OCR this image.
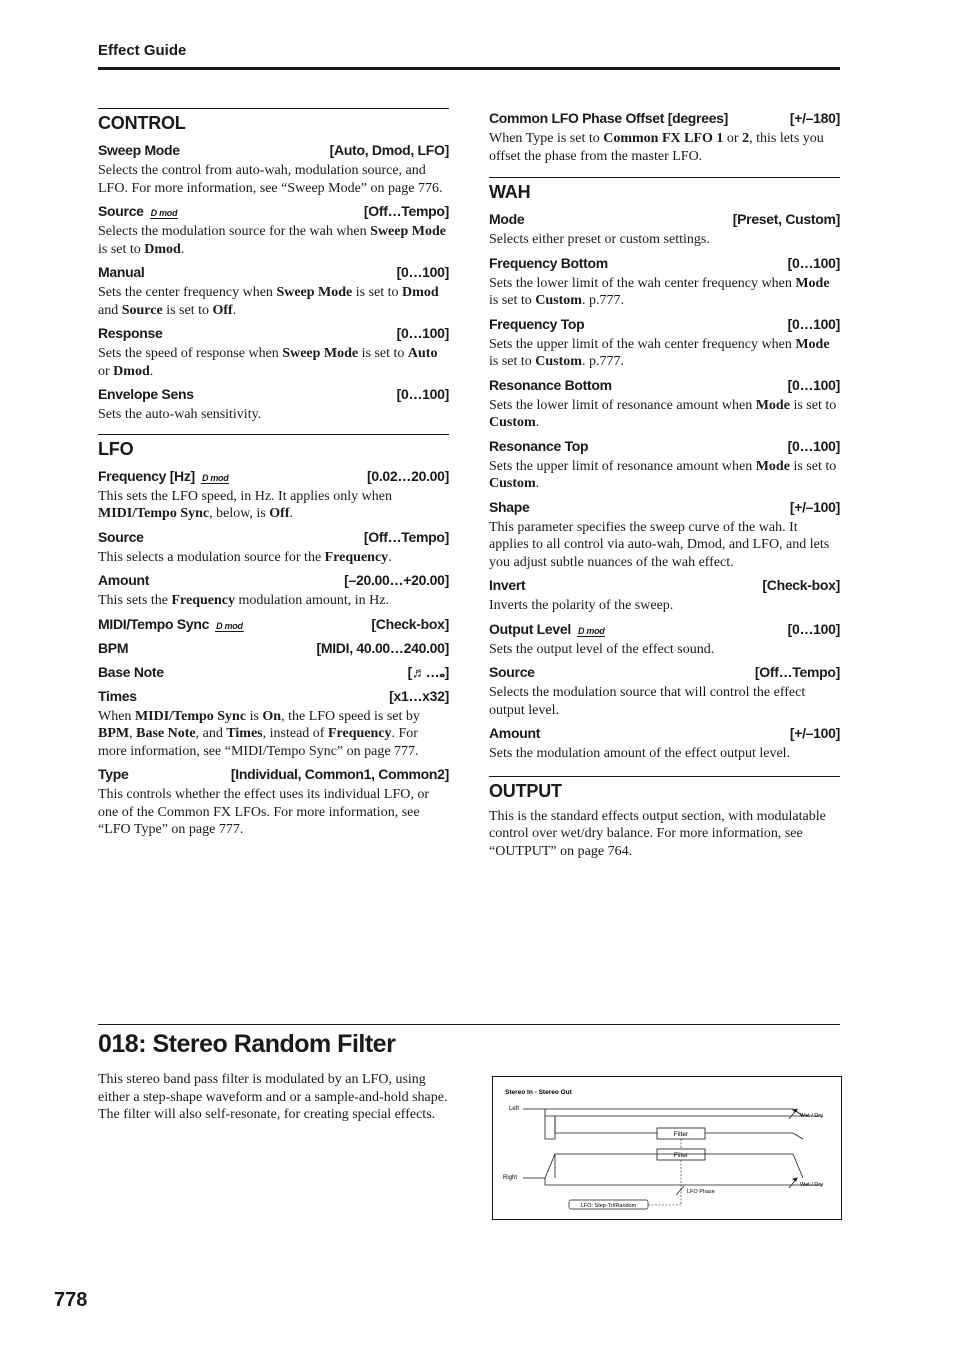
Effect Guide
CONTROL
Sweep Mode	[Auto, Dmod, LFO]

Selects the control from auto-wah, modulation source, and LFO. For more information, see “Sweep Mode” on page 776.

Source D mod	[Off…Tempo]

Selects the modulation source for the wah when Sweep Mode is set to Dmod.

Manual	[0…100]

Sets the center frequency when Sweep Mode is set to Dmod and Source is set to Off.

Response	[0…100]

Sets the speed of response when Sweep Mode is set to Auto or Dmod.

Envelope Sens	[0…100]

Sets the auto-wah sensitivity.

LFO
Frequency [Hz] D mod	[0.02…20.00]

This sets the LFO speed, in Hz. It applies only when MIDI/Tempo Sync, below, is Off.

Source	[Off…Tempo]

This selects a modulation source for the Frequency.

Amount	[–20.00…+20.00]

This sets the Frequency modulation amount, in Hz.

MIDI/Tempo Sync D mod	[Check-box]
BPM	[MIDI, 40.00…240.00]
Base Note	[♬…𝅝]
Times	[x1…x32]

When MIDI/Tempo Sync is On, the LFO speed is set by BPM, Base Note, and Times, instead of Frequency. For more information, see “MIDI/Tempo Sync” on page 777.

Type	[Individual, Common1, Common2]

This controls whether the effect uses its individual LFO, or one of the Common FX LFOs. For more information, see “LFO Type” on page 777.

Common LFO Phase Offset [degrees]	[+/–180]

When Type is set to Common FX LFO 1 or 2, this lets you offset the phase from the master LFO.

WAH
Mode	[Preset, Custom]

Selects either preset or custom settings.

Frequency Bottom	[0…100]

Sets the lower limit of the wah center frequency when Mode is set to Custom. p.777.

Frequency Top	[0…100]

Sets the upper limit of the wah center frequency when Mode is set to Custom. p.777.

Resonance Bottom	[0…100]

Sets the lower limit of resonance amount when Mode is set to Custom.

Resonance Top	[0…100]

Sets the upper limit of resonance amount when Mode is set to Custom.

Shape	[+/–100]

This parameter specifies the sweep curve of the wah. It applies to all control via auto-wah, Dmod, and LFO, and lets you adjust subtle nuances of the wah effect.

Invert	[Check-box]

Inverts the polarity of the sweep.

Output Level D mod	[0…100]

Sets the output level of the effect sound.

Source	[Off…Tempo]

Selects the modulation source that will control the effect output level.

Amount	[+/–100]

Sets the modulation amount of the effect output level.

OUTPUT

This is the standard effects output section, with modulatable control over wet/dry balance. For more information, see “OUTPUT” on page 764.

018: Stereo Random Filter

This stereo band pass filter is modulated by an LFO, using either a step-shape waveform and or a sample-and-hold shape. The filter will also self-resonate, for creating special effects.

Stereo In - Stereo Out
Left
Right
Filter
Filter
Wet / Dry
Wet / Dry
LFO Phase
LFO: Step-Tri/Random
778
